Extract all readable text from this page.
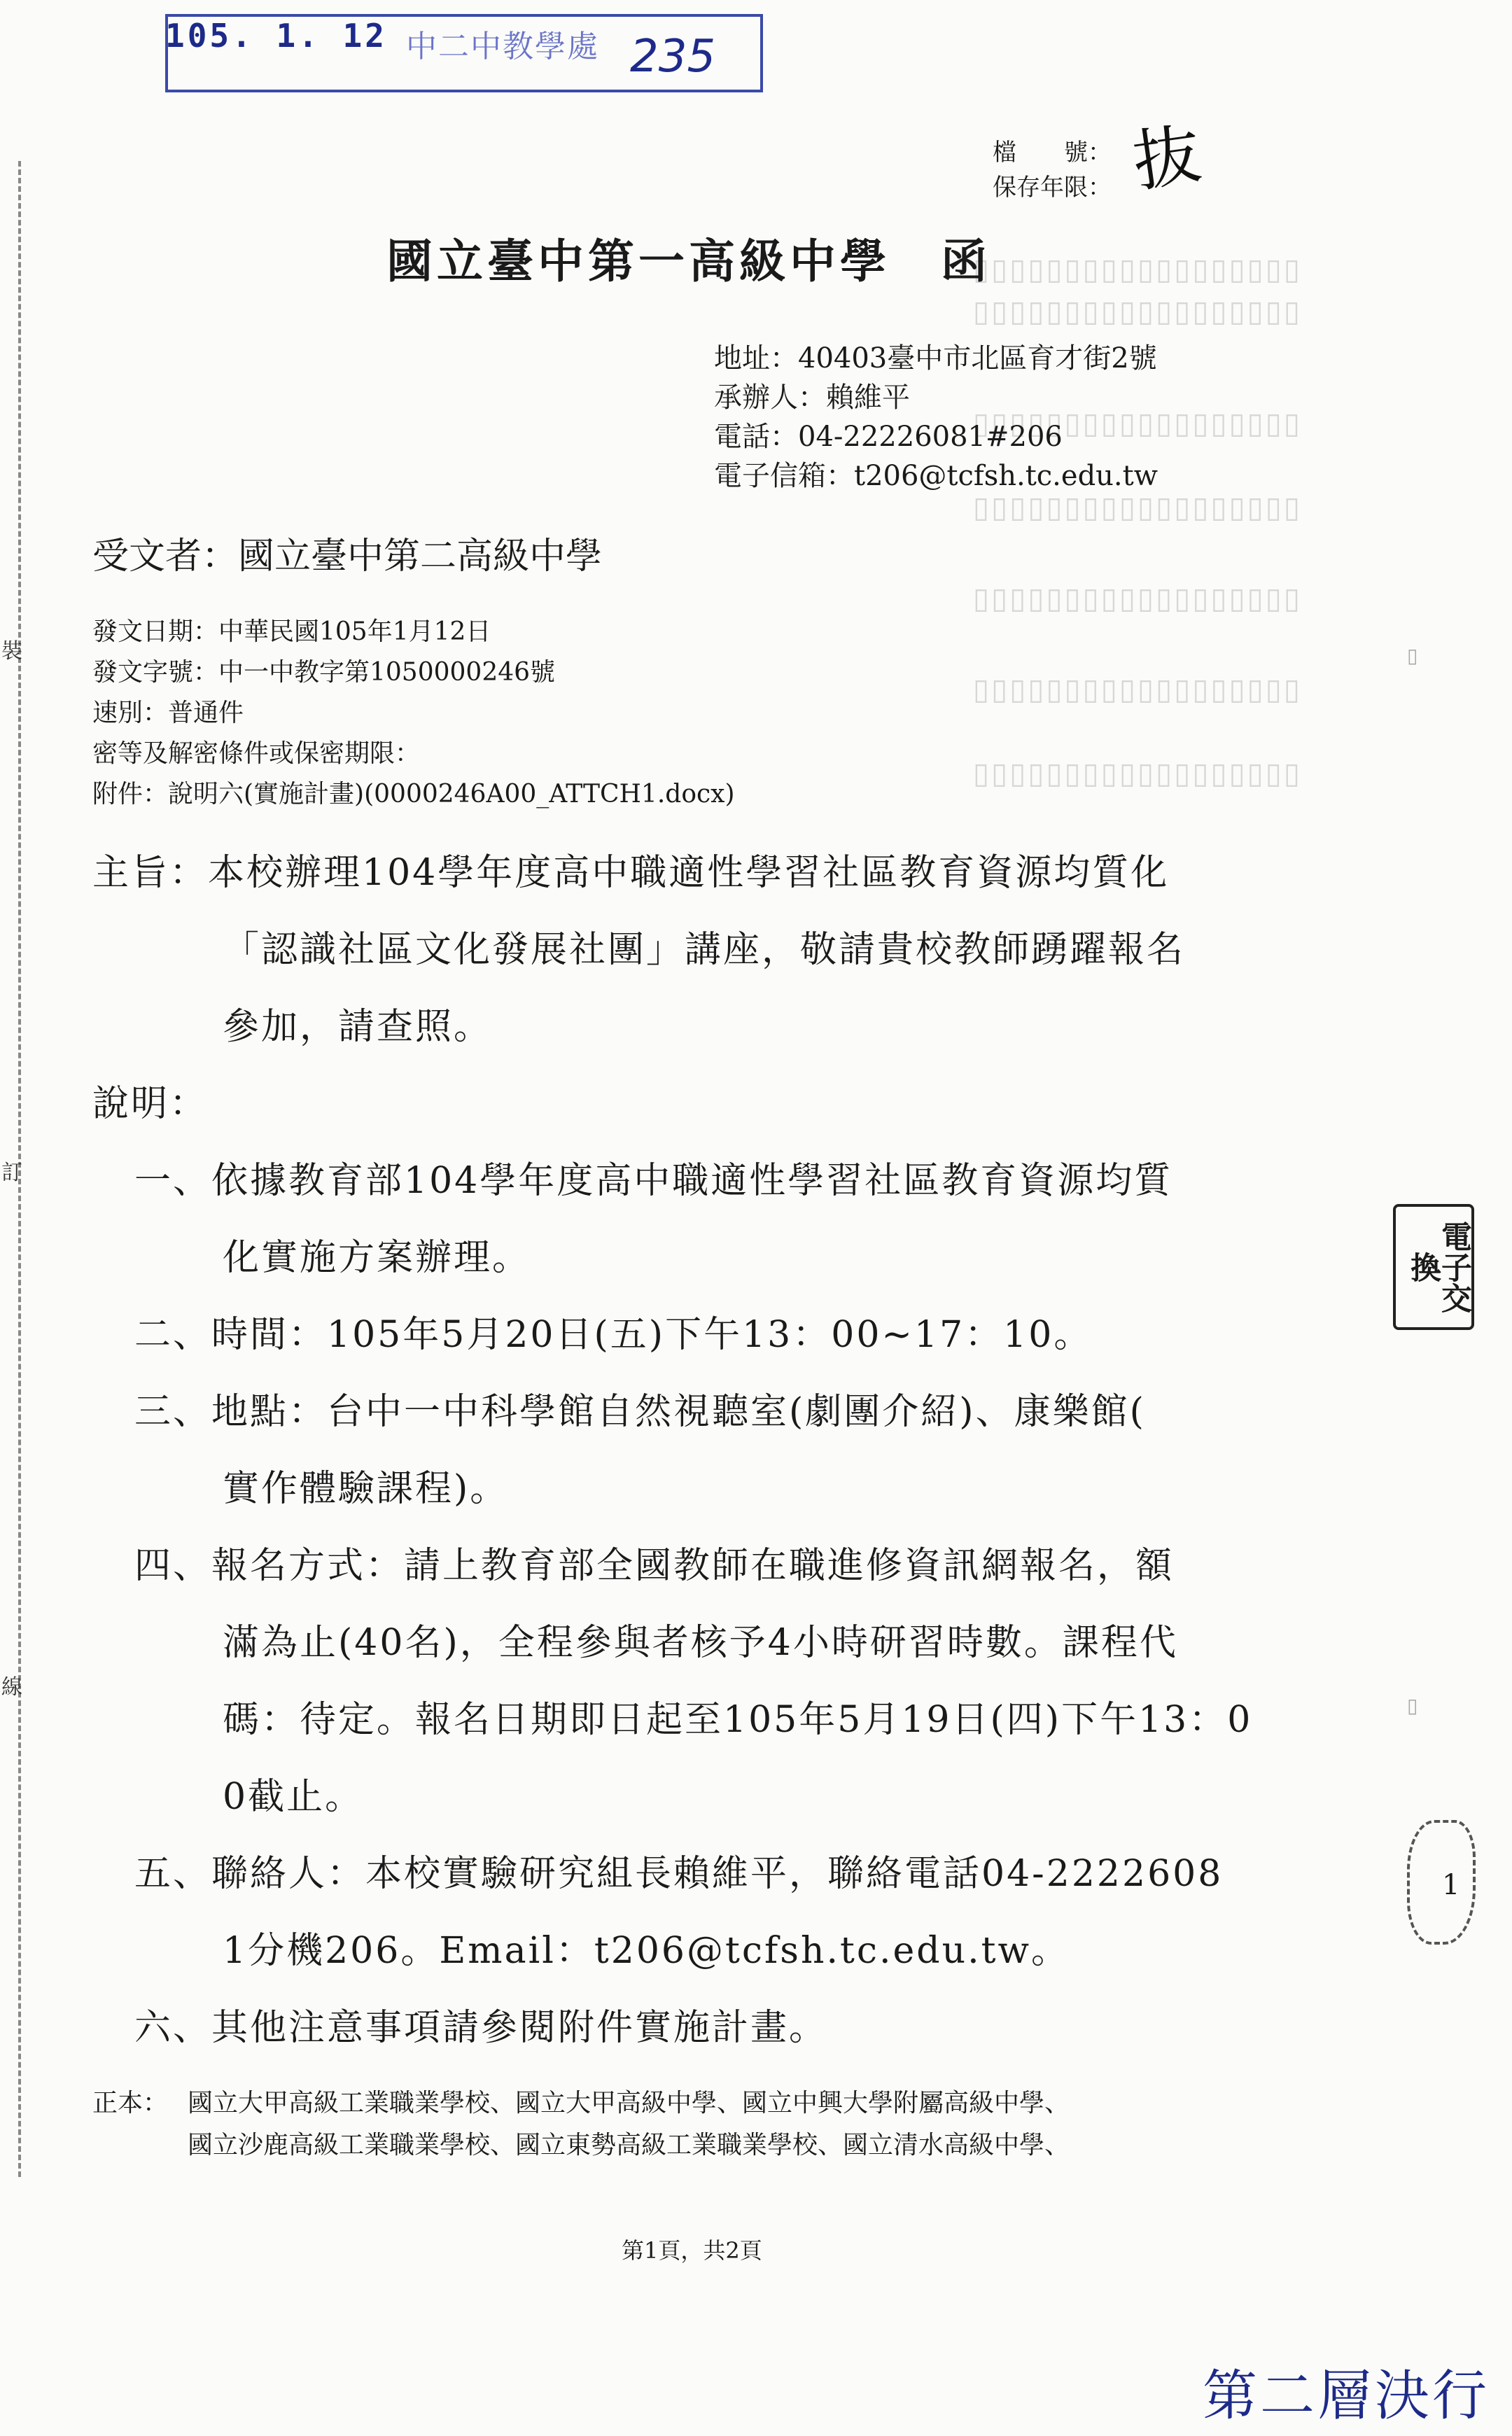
裝
訂
線
105. 1. 12 中二中教學處 235
檔　　號：
保存年限： 抜
▯▯▯▯▯▯▯▯▯▯▯▯▯▯▯▯▯▯
▯▯▯▯▯▯▯▯▯▯▯▯▯▯▯▯▯▯
▯▯▯▯▯▯▯▯▯▯▯▯▯▯▯▯▯▯
▯▯▯▯▯▯▯▯▯▯▯▯▯▯▯▯▯▯
▯▯▯▯▯▯▯▯▯▯▯▯▯▯▯▯▯▯
▯▯▯▯▯▯▯▯▯▯▯▯▯▯▯▯▯▯
▯▯▯▯▯▯▯▯▯▯▯▯▯▯▯▯▯▯
國立臺中第一高級中學　函
地址：40403臺中市北區育才街2號
承辦人：賴維平
電話：04-22226081#206
電子信箱：t206@tcfsh.tc.edu.tw
受文者：國立臺中第二高級中學
發文日期：中華民國105年1月12日
發文字號：中一中教字第1050000246號
速別：普通件
密等及解密條件或保密期限：
附件：說明六(實施計畫)(0000246A00_ATTCH1.docx)
主旨：本校辦理104學年度高中職適性學習社區教育資源均質化
「認識社區文化發展社團」講座，敬請貴校教師踴躍報名
參加，請查照。
說明：
一、依據教育部104學年度高中職適性學習社區教育資源均質
化實施方案辦理。
二、時間：105年5月20日(五)下午13：00~17：10。
三、地點：台中一中科學館自然視聽室(劇團介紹)、康樂館(
實作體驗課程)。
四、報名方式：請上教育部全國教師在職進修資訊網報名，額
滿為止(40名)，全程參與者核予4小時研習時數。課程代
碼：待定。報名日期即日起至105年5月19日(四)下午13：0
0截止。
五、聯絡人：本校實驗研究組長賴維平，聯絡電話04-2222608
1分機206。Email：t206@tcfsh.tc.edu.tw。
六、其他注意事項請參閱附件實施計畫。
正本： 國立大甲高級工業職業學校、國立大甲高級中學、國立中興大學附屬高級中學、
國立沙鹿高級工業職業學校、國立東勢高級工業職業學校、國立清水高級中學、
第1頁，共2頁
第二層決行
▯
▯
電子交換
1
